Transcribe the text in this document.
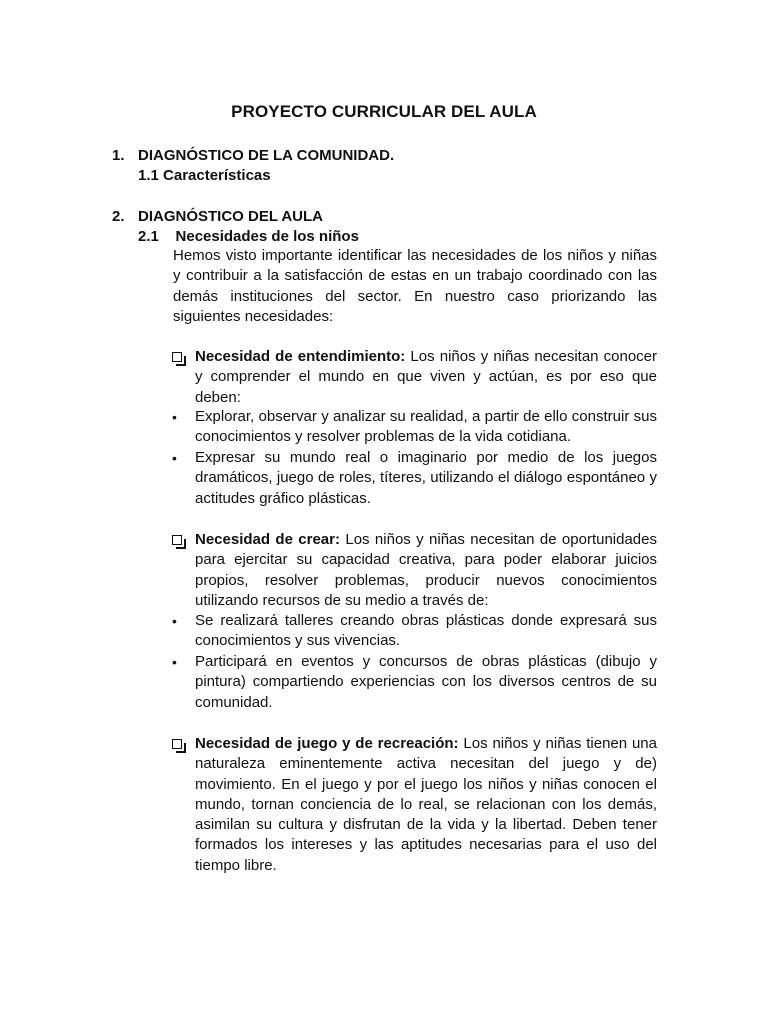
PROYECTO CURRICULAR DEL AULA
1. DIAGNÓSTICO DE LA COMUNIDAD.
1.1 Características
2. DIAGNÓSTICO DEL AULA
2.1    Necesidades de los niños
Hemos visto importante identificar las necesidades de los niños y niñas y contribuir a la satisfacción de estas en un trabajo coordinado con las demás instituciones del sector. En nuestro caso priorizando las siguientes necesidades:
Necesidad de entendimiento: Los niños y niñas necesitan conocer y comprender el mundo en que viven y actúan, es por eso que deben:
• Explorar, observar y analizar su realidad, a partir de ello construir sus conocimientos y resolver problemas de la vida cotidiana.
• Expresar su mundo real o imaginario por medio de los juegos dramáticos, juego de roles, títeres, utilizando el diálogo espontáneo y actitudes gráfico plásticas.
Necesidad de crear: Los niños y niñas necesitan de oportunidades para ejercitar su capacidad creativa, para poder elaborar juicios propios, resolver problemas, producir nuevos conocimientos utilizando recursos de su medio a través de:
• Se realizará talleres creando obras plásticas donde expresará sus conocimientos y sus vivencias.
• Participará en eventos y concursos de obras plásticas (dibujo y pintura) compartiendo experiencias con los diversos centros de su comunidad.
Necesidad de juego y de recreación: Los niños y niñas tienen una naturaleza eminentemente activa necesitan del juego y de) movimiento. En el juego y por el juego los niños y niñas conocen el mundo, tornan conciencia de lo real, se relacionan con los demás, asimilan su cultura y disfrutan de la vida y la libertad. Deben tener formados los intereses y las aptitudes necesarias para el uso del tiempo libre.
